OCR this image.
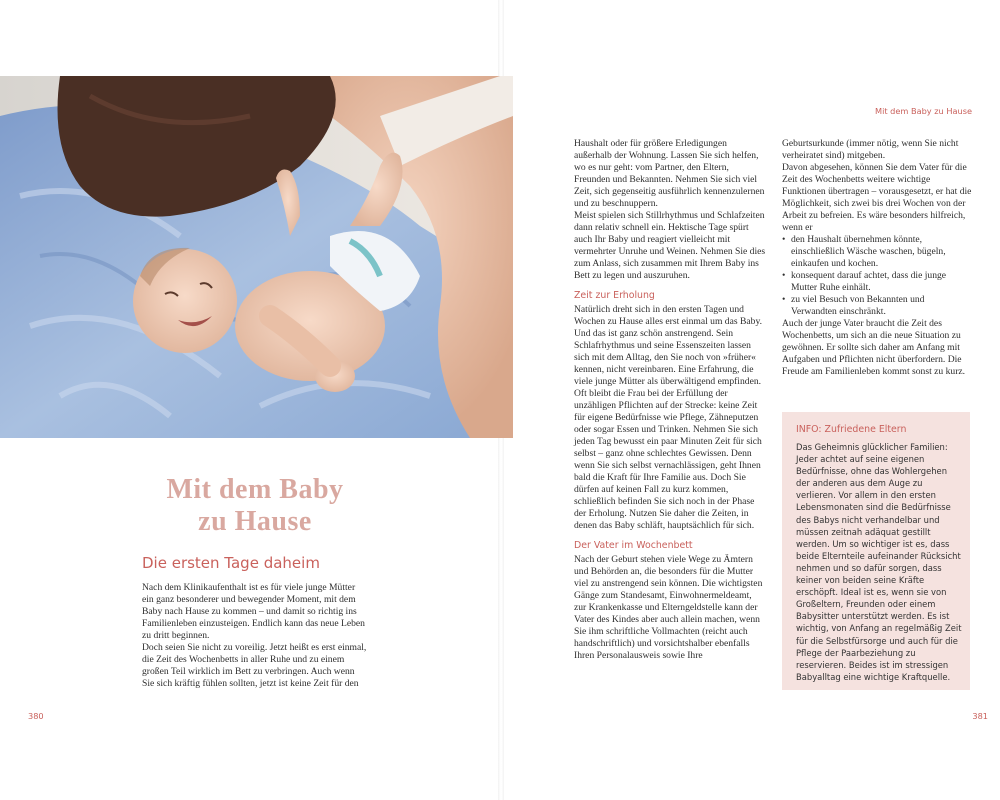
Mit dem Baby
zu Hause
Die ersten Tage daheim

Nach dem Klinikaufenthalt ist es für viele junge Mütter ein ganz besonderer und bewegender Moment, mit dem Baby nach Hause zu kommen – und damit so richtig ins Familienleben einzusteigen. Endlich kann das neue Leben zu dritt beginnen.

Doch seien Sie nicht zu voreilig. Jetzt heißt es erst einmal, die Zeit des Wochenbetts in aller Ruhe und zu einem großen Teil wirklich im Bett zu verbringen. Auch wenn Sie sich kräftig fühlen sollten, jetzt ist keine Zeit für den

380
Mit dem Baby zu Hause

Haushalt oder für größere Erledigungen außerhalb der Wohnung. Lassen Sie sich helfen, wo es nur geht: vom Partner, den Eltern, Freunden und Bekannten. Nehmen Sie sich viel Zeit, sich gegenseitig ausführlich kennenzulernen und zu beschnuppern.

Meist spielen sich Stillrhythmus und Schlafzeiten dann relativ schnell ein. Hektische Tage spürt auch Ihr Baby und reagiert vielleicht mit vermehrter Unruhe und Weinen. Nehmen Sie dies zum Anlass, sich zusammen mit Ihrem Baby ins Bett zu legen und auszuruhen.

Zeit zur Erholung

Natürlich dreht sich in den ersten Tagen und Wochen zu Hause alles erst einmal um das Baby. Und das ist ganz schön anstrengend. Sein Schlafrhythmus und seine Essenszeiten lassen sich mit dem Alltag, den Sie noch von »früher« kennen, nicht vereinbaren. Eine Erfahrung, die viele junge Mütter als überwältigend empfinden. Oft bleibt die Frau bei der Erfüllung der unzähligen Pflichten auf der Strecke: keine Zeit für eigene Bedürfnisse wie Pflege, Zähneputzen oder sogar Essen und Trinken. Nehmen Sie sich jeden Tag bewusst ein paar Minuten Zeit für sich selbst – ganz ohne schlechtes Gewissen. Denn wenn Sie sich selbst vernachlässigen, geht Ihnen bald die Kraft für Ihre Familie aus. Doch Sie dürfen auf keinen Fall zu kurz kommen, schließlich befinden Sie sich noch in der Phase der Erholung. Nutzen Sie daher die Zeiten, in denen das Baby schläft, hauptsächlich für sich.

Der Vater im Wochenbett

Nach der Geburt stehen viele Wege zu Ämtern und Behörden an, die besonders für die Mutter viel zu anstrengend sein können. Die wichtigsten Gänge zum Standesamt, Einwohnermeldeamt, zur Krankenkasse und Elterngeldstelle kann der Vater des Kindes aber auch allein machen, wenn Sie ihm schriftliche Vollmachten (reicht auch handschriftlich) und vorsichtshalber ebenfalls Ihren Personalausweis sowie Ihre

Geburtsurkunde (immer nötig, wenn Sie nicht verheiratet sind) mitgeben.

Davon abgesehen, können Sie dem Vater für die Zeit des Wochenbetts weitere wichtige Funktionen übertragen – vorausgesetzt, er hat die Möglichkeit, sich zwei bis drei Wochen von der Arbeit zu befreien. Es wäre besonders hilfreich, wenn er

• den Haushalt übernehmen könnte, einschließlich Wäsche waschen, bügeln, einkaufen und kochen.
• konsequent darauf achtet, dass die junge Mutter Ruhe einhält.
• zu viel Besuch von Bekannten und Verwandten einschränkt.

Auch der junge Vater braucht die Zeit des Wochenbetts, um sich an die neue Situation zu gewöhnen. Er sollte sich daher am Anfang mit Aufgaben und Pflichten nicht überfordern. Die Freude am Familienleben kommt sonst zu kurz.

INFO: Zufriedene Eltern
Das Geheimnis glücklicher Familien: Jeder achtet auf seine eigenen Bedürfnisse, ohne das Wohlergehen der anderen aus dem Auge zu verlieren. Vor allem in den ersten Lebensmonaten sind die Bedürfnisse des Babys nicht verhandelbar und müssen zeitnah adäquat gestillt werden. Um so wichtiger ist es, dass beide Elternteile aufeinander Rücksicht nehmen und so dafür sorgen, dass keiner von beiden seine Kräfte erschöpft. Ideal ist es, wenn sie von Großeltern, Freunden oder einem Babysitter unterstützt werden. Es ist wichtig, von Anfang an regelmäßig Zeit für die Selbstfürsorge und auch für die Pflege der Paarbeziehung zu reservieren. Beides ist im stressigen Babyalltag eine wichtige Kraftquelle.
381
